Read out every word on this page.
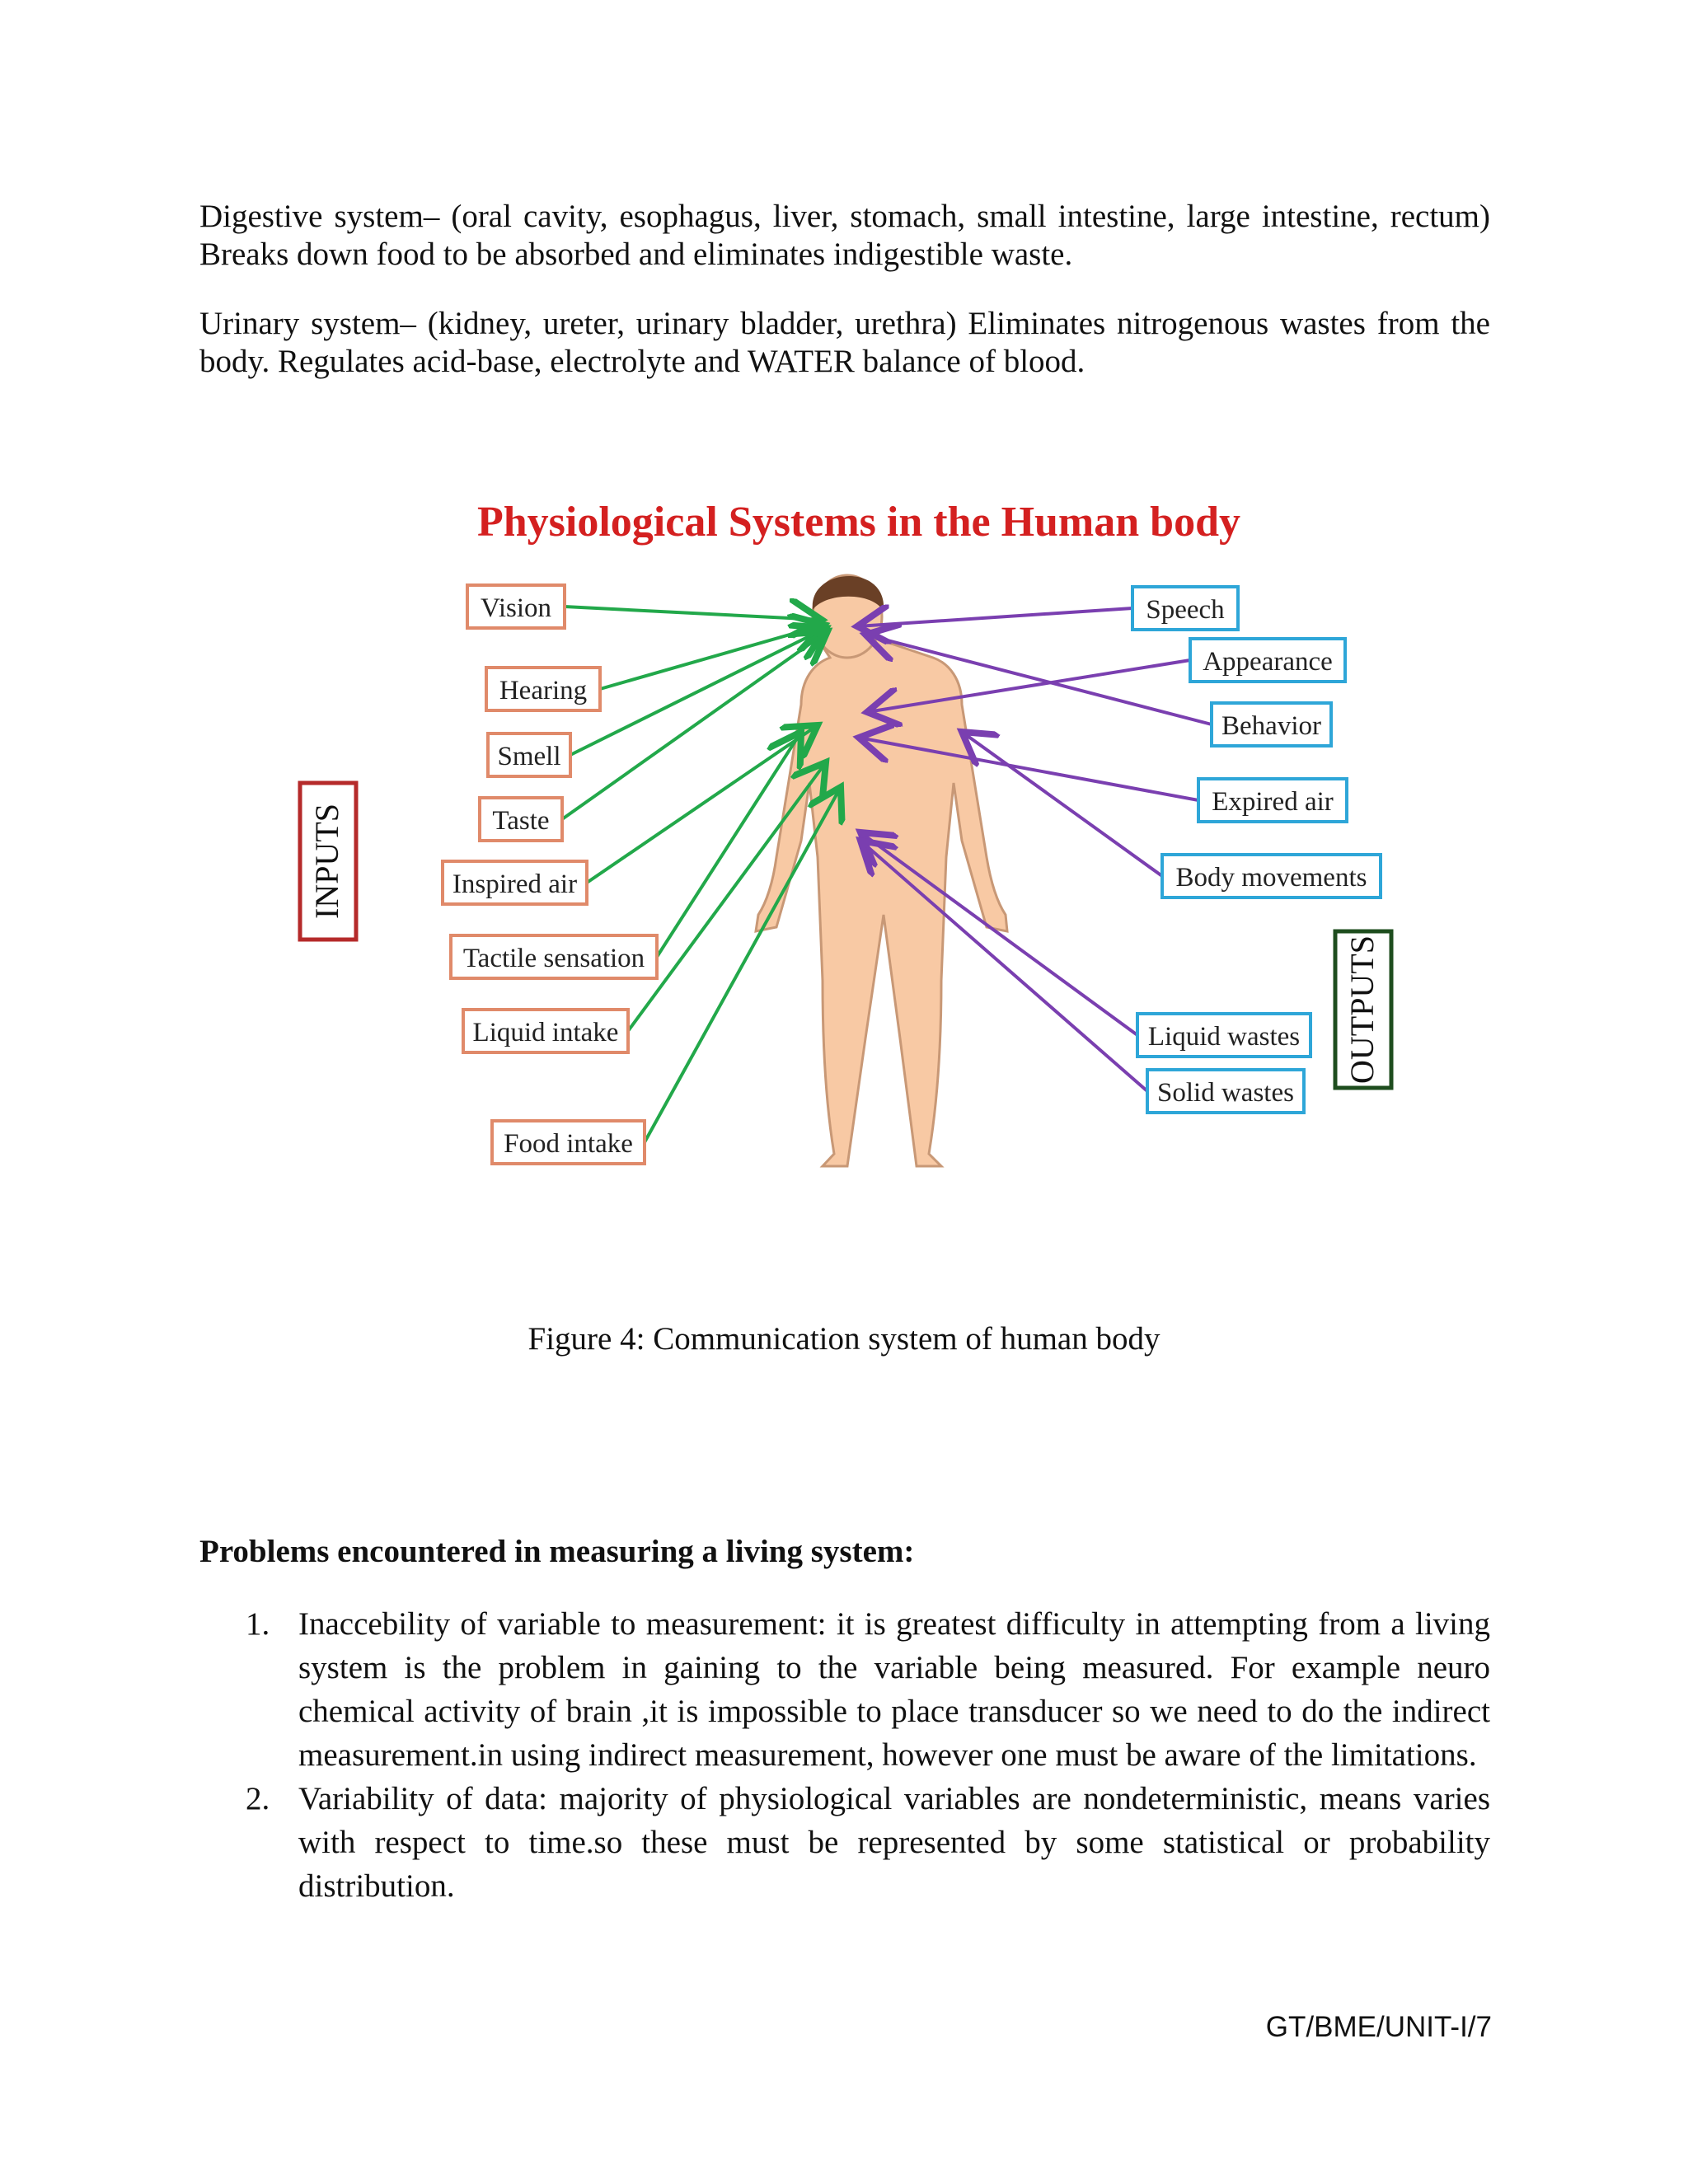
Digestive system– (oral cavity, esophagus, liver, stomach, small intestine, large intestine, rectum) Breaks down food to be absorbed and eliminates indigestible waste.

Urinary system– (kidney, ureter, urinary bladder, urethra) Eliminates nitrogenous wastes from the body. Regulates acid-base, electrolyte and WATER balance of blood.

Physiological Systems in the Human body
INPUTS
OUTPUTS
Vision
Hearing
Smell
Taste
Inspired air
Tactile sensation
Liquid intake
Food intake
Speech
Appearance
Behavior
Expired air
Body movements
Liquid wastes
Solid wastes
Figure 4: Communication system of human body
Problems encountered in measuring a living system:
1. Inaccebility of variable to measurement: it is greatest difficulty in attempting from a living system is the problem in gaining to the variable being measured. For example neuro chemical activity of brain ,it is impossible to place transducer so we need to do the indirect measurement.in using indirect measurement, however one must be aware of the limitations.
2. Variability of data: majority of physiological variables are nondeterministic, means varies with respect to time.so these must be represented by some statistical or probability distribution.
GT/BME/UNIT-I/7
